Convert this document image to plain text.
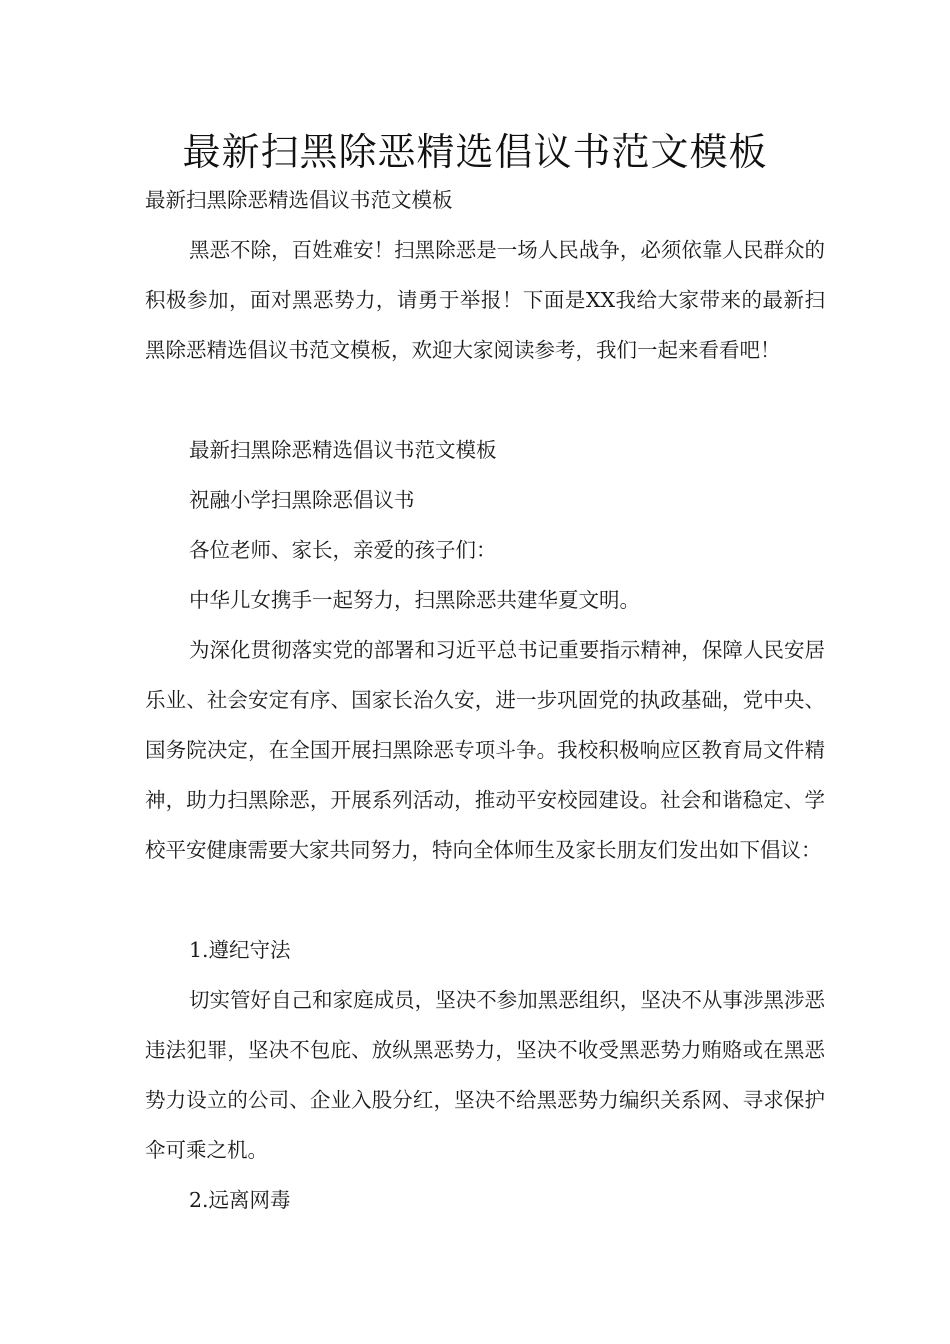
最新扫黑除恶精选倡议书范文模板

最新扫黑除恶精选倡议书范文模板

黑恶不除，百姓难安！扫黑除恶是一场人民战争，必须依靠人民群众的积极参加，面对黑恶势力，请勇于举报！下面是XX我给大家带来的最新扫黑除恶精选倡议书范文模板，欢迎大家阅读参考，我们一起来看看吧！

最新扫黑除恶精选倡议书范文模板

祝融小学扫黑除恶倡议书

各位老师、家长，亲爱的孩子们：

中华儿女携手一起努力，扫黑除恶共建华夏文明。

为深化贯彻落实党的部署和习近平总书记重要指示精神，保障人民安居乐业、社会安定有序、国家长治久安，进一步巩固党的执政基础，党中央、国务院决定，在全国开展扫黑除恶专项斗争。我校积极响应区教育局文件精神，助力扫黑除恶，开展系列活动，推动平安校园建设。社会和谐稳定、学校平安健康需要大家共同努力，特向全体师生及家长朋友们发出如下倡议：

1.遵纪守法

切实管好自己和家庭成员，坚决不参加黑恶组织，坚决不从事涉黑涉恶违法犯罪，坚决不包庇、放纵黑恶势力，坚决不收受黑恶势力贿赂或在黑恶势力设立的公司、企业入股分红，坚决不给黑恶势力编织关系网、寻求保护伞可乘之机。

2.远离网毒
